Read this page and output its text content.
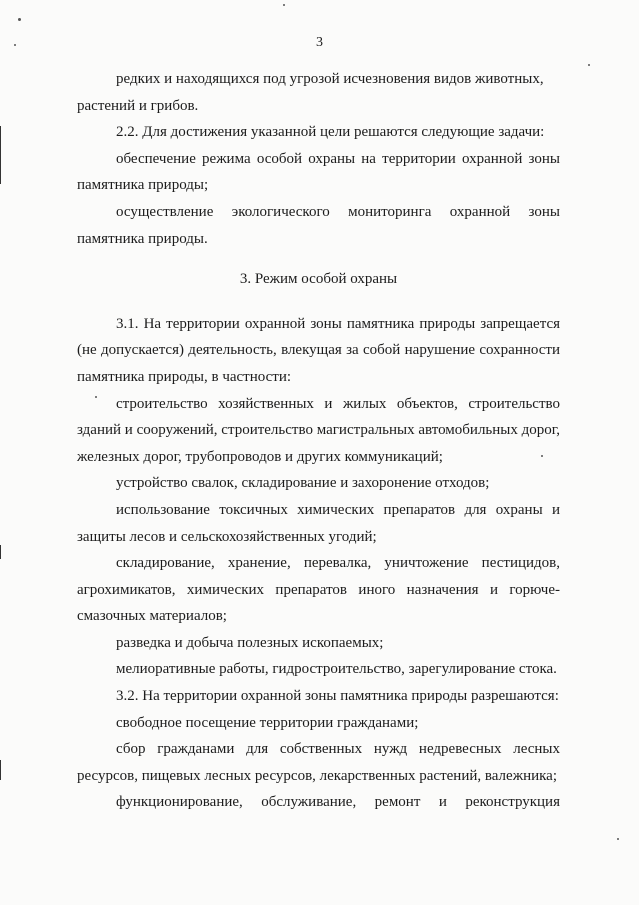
3

редких и находящихся под угрозой исчезновения видов животных,

растений и грибов.

2.2. Для достижения указанной цели решаются следующие задачи:

обеспечение режима особой охраны на территории охранной зоны памятника природы;

осуществление экологического мониторинга охранной зоны памятника природы.

3. Режим особой охраны

3.1. На территории охранной зоны памятника природы запрещается (не допускается) деятельность, влекущая за собой нарушение сохранности памятника природы, в частности:

строительство хозяйственных и жилых объектов, строительство зданий и сооружений, строительство магистральных автомобильных дорог, железных дорог, трубопроводов и других коммуникаций;

устройство свалок, складирование и захоронение отходов;

использование токсичных химических препаратов для охраны и защиты лесов и сельскохозяйственных угодий;

складирование, хранение, перевалка, уничтожение пестицидов, агрохимикатов, химических препаратов иного назначения и горюче-смазочных материалов;

разведка и добыча полезных ископаемых;

мелиоративные работы, гидростроительство, зарегулирование стока.

3.2. На территории охранной зоны памятника природы разрешаются:

свободное посещение территории гражданами;

сбор гражданами для собственных нужд недревесных лесных ресурсов, пищевых лесных ресурсов, лекарственных растений, валежника;

функционирование, обслуживание, ремонт и реконструкция
